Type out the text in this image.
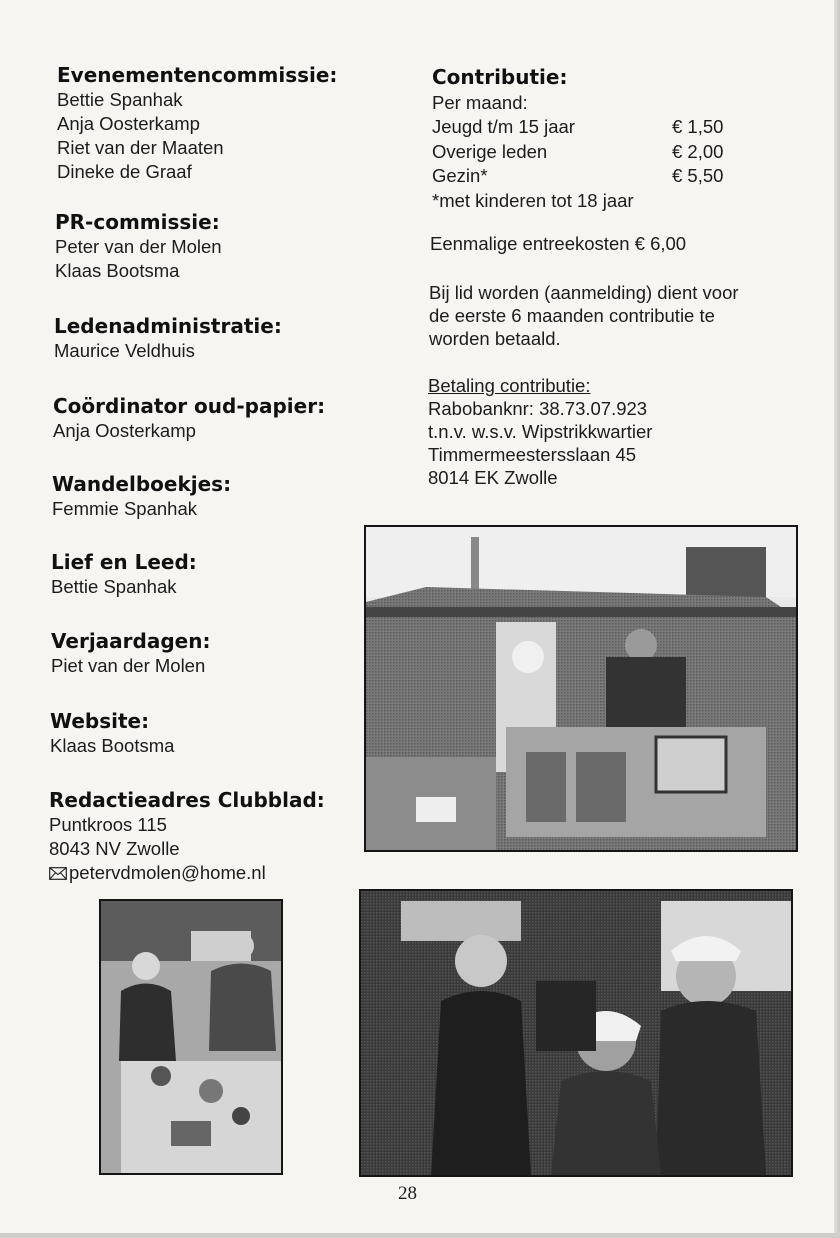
Evenementencommissie:

Bettie Spanhak

Anja Oosterkamp

Riet van der Maaten

Dineke de Graaf

PR-commissie:

Peter van der Molen

Klaas Bootsma

Ledenadministratie:

Maurice Veldhuis

Coördinator oud-papier:

Anja Oosterkamp

Wandelboekjes:

Femmie Spanhak

Lief en Leed:

Bettie Spanhak

Verjaardagen:

Piet van der Molen

Website:

Klaas Bootsma

Redactieadres Clubblad:

Puntkroos 115

8043 NV Zwolle

petervdmolen@home.nl

Contributie:

Per maand:

Jeugd t/m 15 jaar	€ 1,50
Overige leden	€ 2,00
Gezin*	€ 5,50

*met kinderen tot 18 jaar

Eenmalige entreekosten € 6,00

Bij lid worden (aanmelding) dient voor

de eerste 6 maanden contributie te

worden betaald.

Betaling contributie:

Rabobanknr: 38.73.07.923

t.n.v. w.s.v. Wipstrikkwartier

Timmermeestersslaan 45

8014 EK Zwolle

28
